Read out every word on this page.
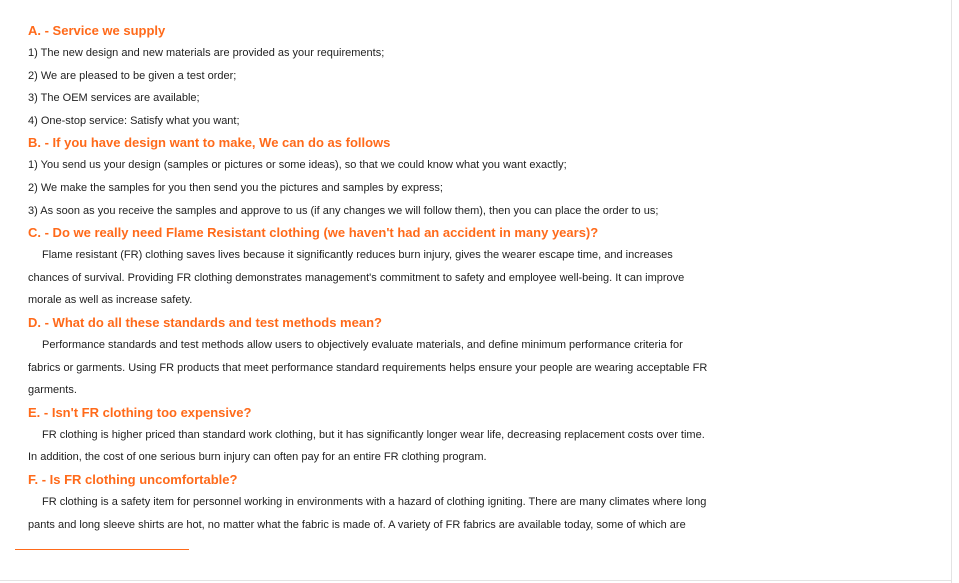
A. - Service we supply
1) The new design and new materials are provided as your requirements;
2) We are pleased to be given a test order;
3) The OEM services are available;
4) One-stop service: Satisfy what you want;
B. - If you have design want to make, We can do as follows
1) You send us your design (samples or pictures or some ideas), so that we could know what you want exactly;
2) We make the samples for you then send you the pictures and samples by express;
3) As soon as you receive the samples and approve to us (if any changes we will follow them), then you can place the order to us;
C. - Do we really need Flame Resistant clothing (we haven't had an accident in many years)?
Flame resistant (FR) clothing saves lives because it significantly reduces burn injury, gives the wearer escape time, and increases
chances of survival. Providing FR clothing demonstrates management's commitment to safety and employee well-being. It can improve
morale as well as increase safety.
D. - What do all these standards and test methods mean?
Performance standards and test methods allow users to objectively evaluate materials, and define minimum performance criteria for
fabrics or garments. Using FR products that meet performance standard requirements helps ensure your people are wearing acceptable FR
garments.
E. - Isn't FR clothing too expensive?
FR clothing is higher priced than standard work clothing, but it has significantly longer wear life, decreasing replacement costs over time.
In addition, the cost of one serious burn injury can often pay for an entire FR clothing program.
F. - Is FR clothing uncomfortable?
FR clothing is a safety item for personnel working in environments with a hazard of clothing igniting. There are many climates where long
pants and long sleeve shirts are hot, no matter what the fabric is made of. A variety of FR fabrics are available today, some of which are
